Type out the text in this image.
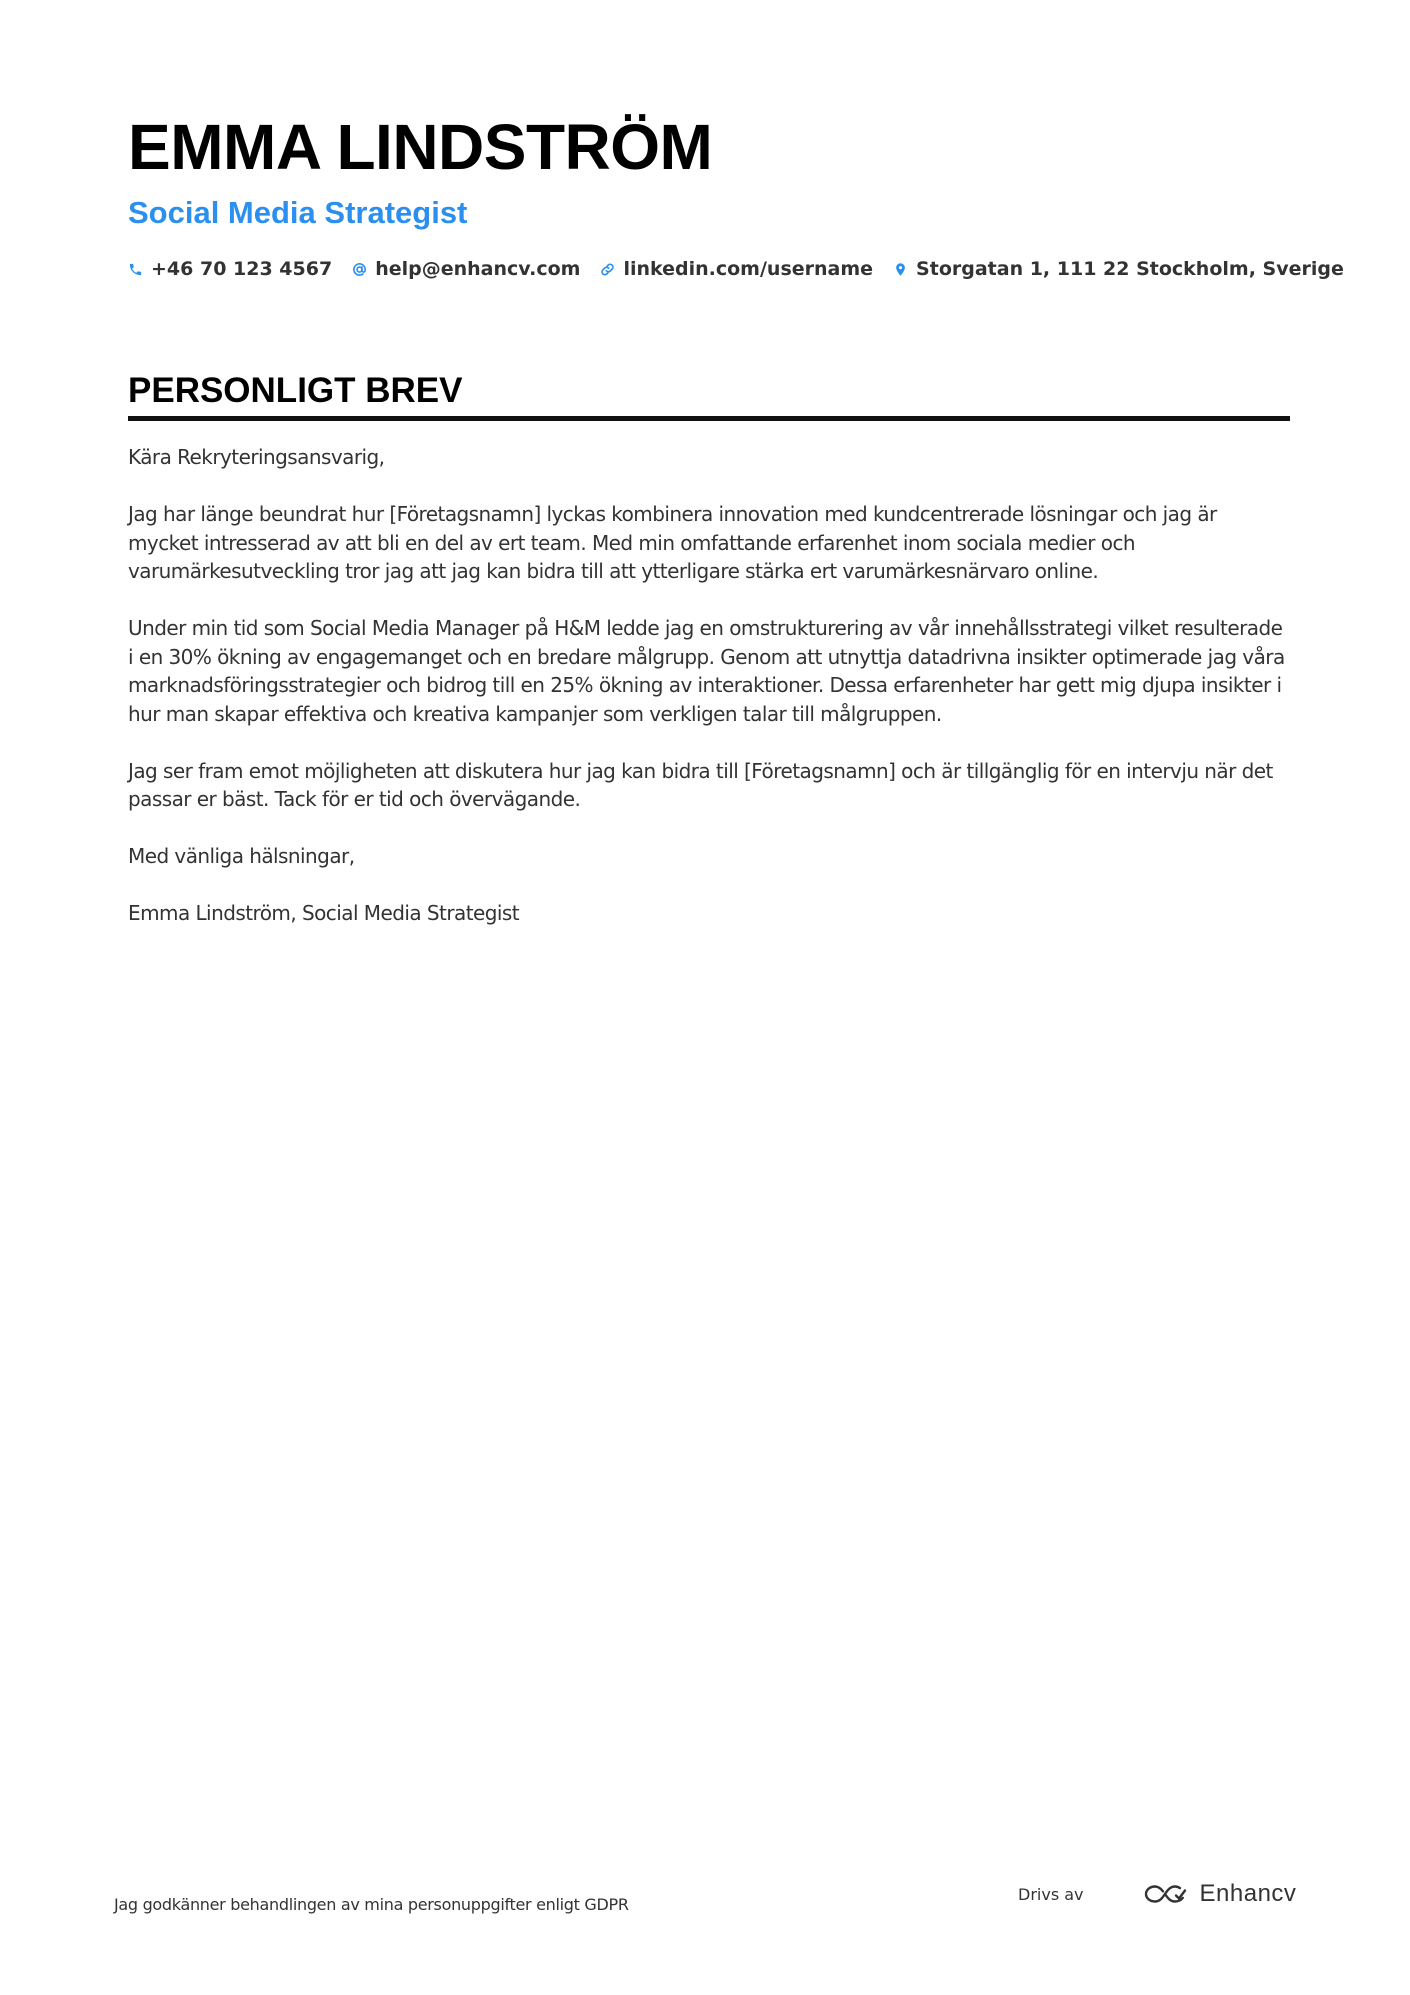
EMMA LINDSTRÖM
Social Media Strategist
+46 70 123 4567 help@enhancv.com linkedin.com/username Storgatan 1, 111 22 Stockholm, Sverige
PERSONLIGT BREV

Kära Rekryteringsansvarig,

Jag har länge beundrat hur [Företagsnamn] lyckas kombinera innovation med kundcentrerade lösningar och jag är mycket intresserad av att bli en del av ert team. Med min omfattande erfarenhet inom sociala medier och varumärkesutveckling tror jag att jag kan bidra till att ytterligare stärka ert varumärkesnärvaro online.

Under min tid som Social Media Manager på H&M ledde jag en omstrukturering av vår innehållsstrategi vilket resulterade i en 30% ökning av engagemanget och en bredare målgrupp. Genom att utnyttja datadrivna insikter optimerade jag våra marknadsföringsstrategier och bidrog till en 25% ökning av interaktioner. Dessa erfarenheter har gett mig djupa insikter i hur man skapar effektiva och kreativa kampanjer som verkligen talar till målgruppen.

Jag ser fram emot möjligheten att diskutera hur jag kan bidra till [Företagsnamn] och är tillgänglig för en intervju när det passar er bäst. Tack för er tid och övervägande.

Med vänliga hälsningar,

Emma Lindström, Social Media Strategist

Jag godkänner behandlingen av mina personuppgifter enligt GDPR
Drivs av	Enhancv
